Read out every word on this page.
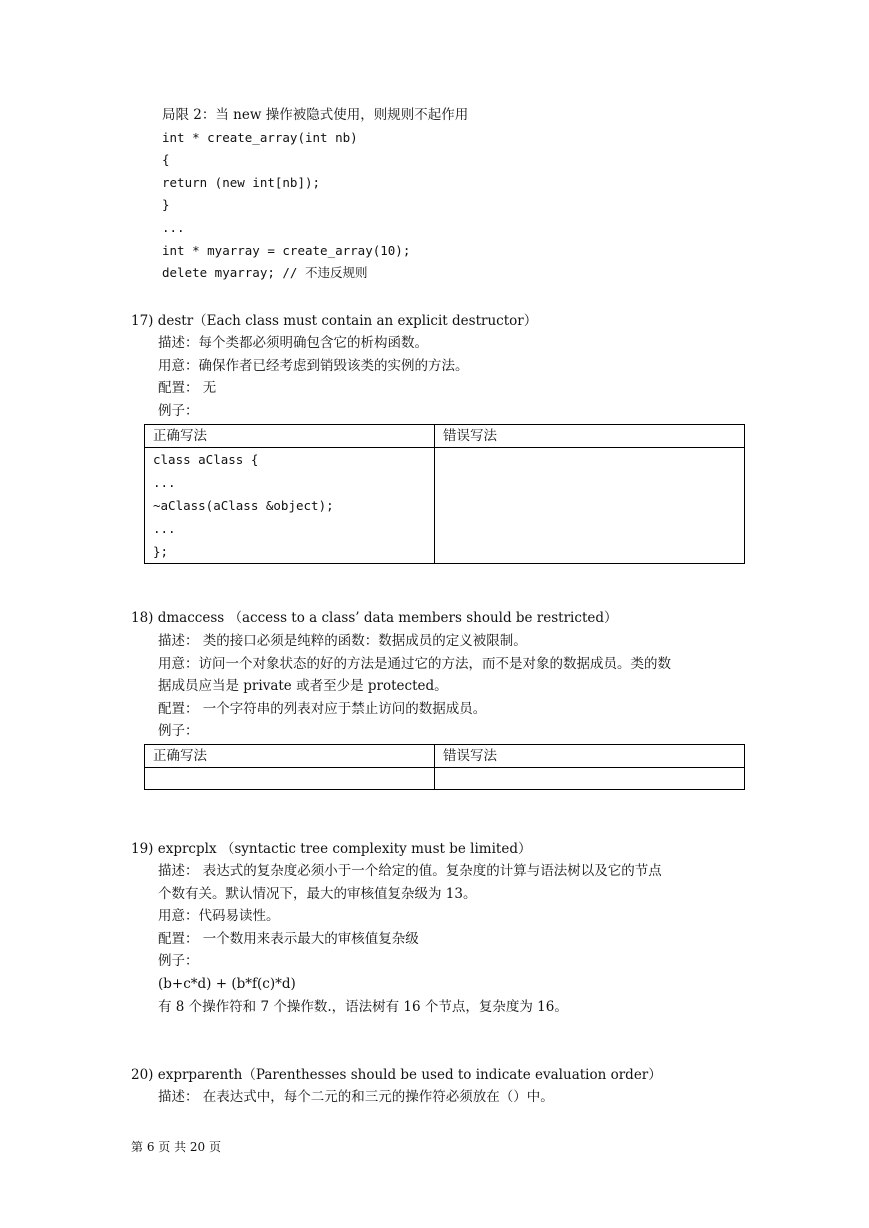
局限 2：当 new 操作被隐式使用，则规则不起作用
int * create_array(int nb)
{
return (new int[nb]);
}
...
int * myarray = create_array(10);
delete myarray; // 不违反规则
17) destr（Each class must contain an explicit destructor）
描述：每个类都必须明确包含它的析构函数。
用意：确保作者已经考虑到销毁该类的实例的方法。
配置： 无
例子：
正确写法	错误写法

class aClass {
...
~aClass(aClass &object);
...
};	

18) dmaccess （access to a class’ data members should be restricted）
描述： 类的接口必须是纯粹的函数：数据成员的定义被限制。
用意：访问一个对象状态的好的方法是通过它的方法，而不是对象的数据成员。类的数
据成员应当是 private 或者至少是 protected。
配置： 一个字符串的列表对应于禁止访问的数据成员。
例子：
正确写法	错误写法

19) exprcplx （syntactic tree complexity must be limited）
描述： 表达式的复杂度必须小于一个给定的值。复杂度的计算与语法树以及它的节点
个数有关。默认情况下，最大的审核值复杂级为 13。
用意：代码易读性。
配置： 一个数用来表示最大的审核值复杂级
例子：
(b+c*d) + (b*f(c)*d)
有 8 个操作符和 7 个操作数.，语法树有 16 个节点，复杂度为 16。
20) exprparenth（Parenthesses should be used to indicate evaluation order）
描述： 在表达式中，每个二元的和三元的操作符必须放在（）中。
第 6 页 共 20 页
